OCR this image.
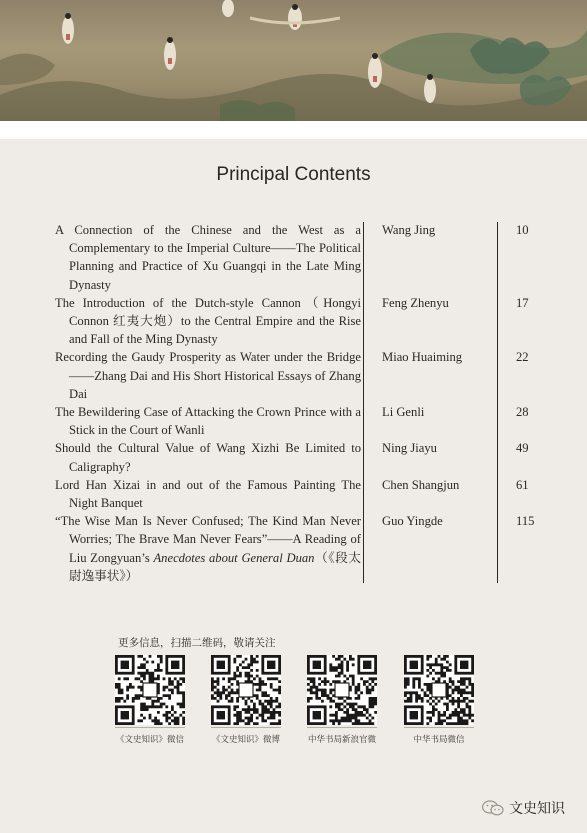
Principal Contents
A Connection of the Chinese and the West as a Complementary to the Imperial Culture——The Political Planning and Practice of Xu Guangqi in the Late Ming Dynasty
Wang Jing	10
The Introduction of the Dutch-style Cannon（Hongyi Connon 红夷大炮）to the Central Empire and the Rise and Fall of the Ming Dynasty
Feng Zhenyu	17
Recording the Gaudy Prosperity as Water under the Bridge——Zhang Dai and His Short Historical Essays of Zhang Dai
Miao Huaiming	22
The Bewildering Case of Attacking the Crown Prince with a Stick in the Court of Wanli
Li Genli	28
Should the Cultural Value of Wang Xizhi Be Limited to Caligraphy?
Ning Jiayu	49
Lord Han Xizai in and out of the Famous Painting The Night Banquet
Chen Shangjun	61
“The Wise Man Is Never Confused; The Kind Man Never Worries; The Brave Man Never Fears”——A Reading of Liu Zongyuan’s Anecdotes about General Duan（《段太尉逸事状》）
Guo Yingde	115
更多信息，扫描二维码，敬请关注
《文史知识》微信	《文史知识》微博	中华书局新浪官微	中华书局微信
文史知识
